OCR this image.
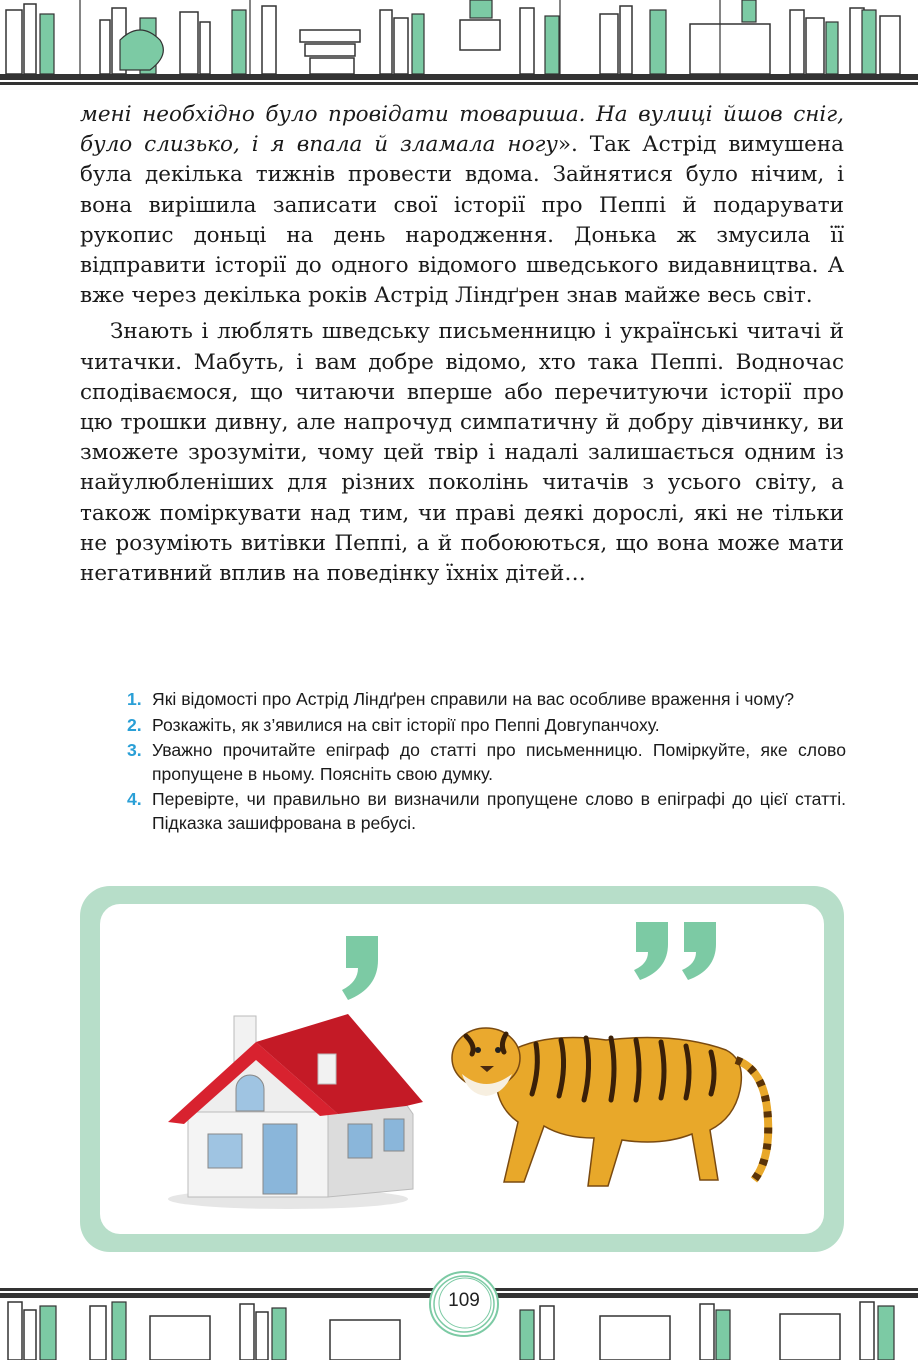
мені необхідно було провідати товариша. На вулиці йшов сніг, було слизько, і я впала й зламала ногу». Так Астрід вимушена була декілька тижнів провести вдома. Зайнятися було нічим, і вона вирішила записати свої історії про Пеппі й подарувати рукопис доньці на день народження. Донька ж змусила її відправити історії до одного відомого шведського видавництва. А вже через декілька років Астрід Ліндґрен знав майже весь світ.

Знають і люблять шведську письменницю і українські читачі й читачки. Мабуть, і вам добре відомо, хто така Пеппі. Водночас сподіваємося, що читаючи вперше або перечитуючи історії про цю трошки дивну, але напрочуд симпатичну й добру дівчинку, ви зможете зрозуміти, чому цей твір і надалі залишається одним із найулюбленіших для різних поколінь читачів з усього світу, а також поміркувати над тим, чи праві деякі дорослі, які не тільки не розуміють витівки Пеппі, а й побоюються, що вона може мати негативний вплив на поведінку їхніх дітей…

1. Які відомості про Астрід Ліндґрен справили на вас особливе враження і чому?
2. Розкажіть, як з’явилися на світ історії про Пеппі Довгупанчоху.
3. Уважно прочитайте епіграф до статті про письменницю. Поміркуйте, яке слово пропущене в ньому. Поясніть свою думку.
4. Перевірте, чи правильно ви визначили пропущене слово в епіграфі до цієї статті. Підказка зашифрована в ребусі.
109
